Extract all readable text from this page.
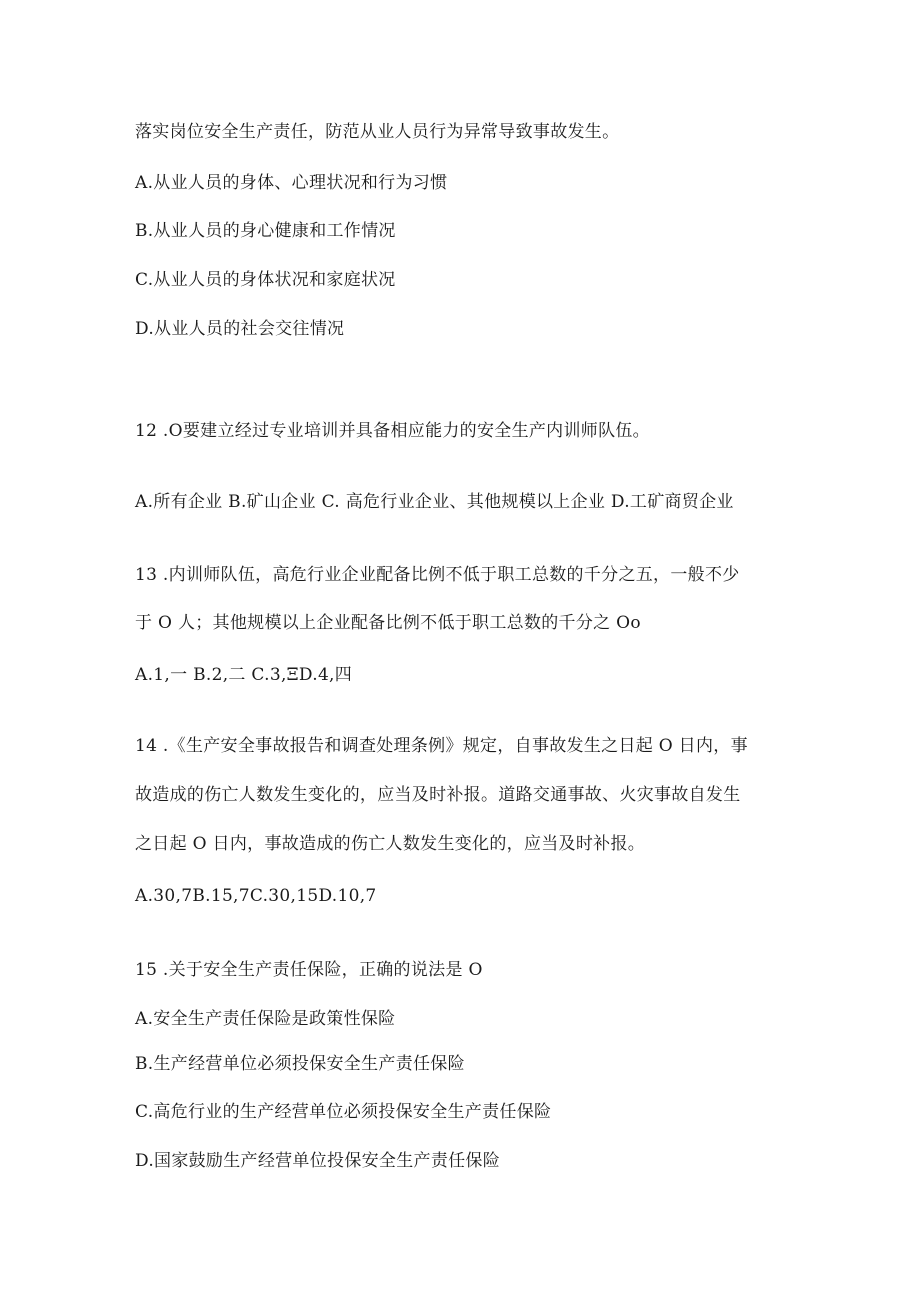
落实岗位安全生产责任，防范从业人员行为异常导致事故发生。
A.从业人员的身体、心理状况和行为习惯
B.从业人员的身心健康和工作情况
C.从业人员的身体状况和家庭状况
D.从业人员的社会交往情况
12 .O要建立经过专业培训并具备相应能力的安全生产内训师队伍。
A.所有企业 B.矿山企业 C. 高危行业企业、其他规模以上企业 D.工矿商贸企业
13 .内训师队伍，高危行业企业配备比例不低于职工总数的千分之五，一般不少
于 O 人；其他规模以上企业配备比例不低于职工总数的千分之 Oo
A.1,一 B.2,二 C.3,ΞD.4,四
14 .《生产安全事故报告和调查处理条例》规定，自事故发生之日起 O 日内，事
故造成的伤亡人数发生变化的，应当及时补报。道路交通事故、火灾事故自发生
之日起 O 日内，事故造成的伤亡人数发生变化的，应当及时补报。
A.30,7B.15,7C.30,15D.10,7
15 .关于安全生产责任保险，正确的说法是 O
A.安全生产责任保险是政策性保险
B.生产经营单位必须投保安全生产责任保险
C.高危行业的生产经营单位必须投保安全生产责任保险
D.国家鼓励生产经营单位投保安全生产责任保险
